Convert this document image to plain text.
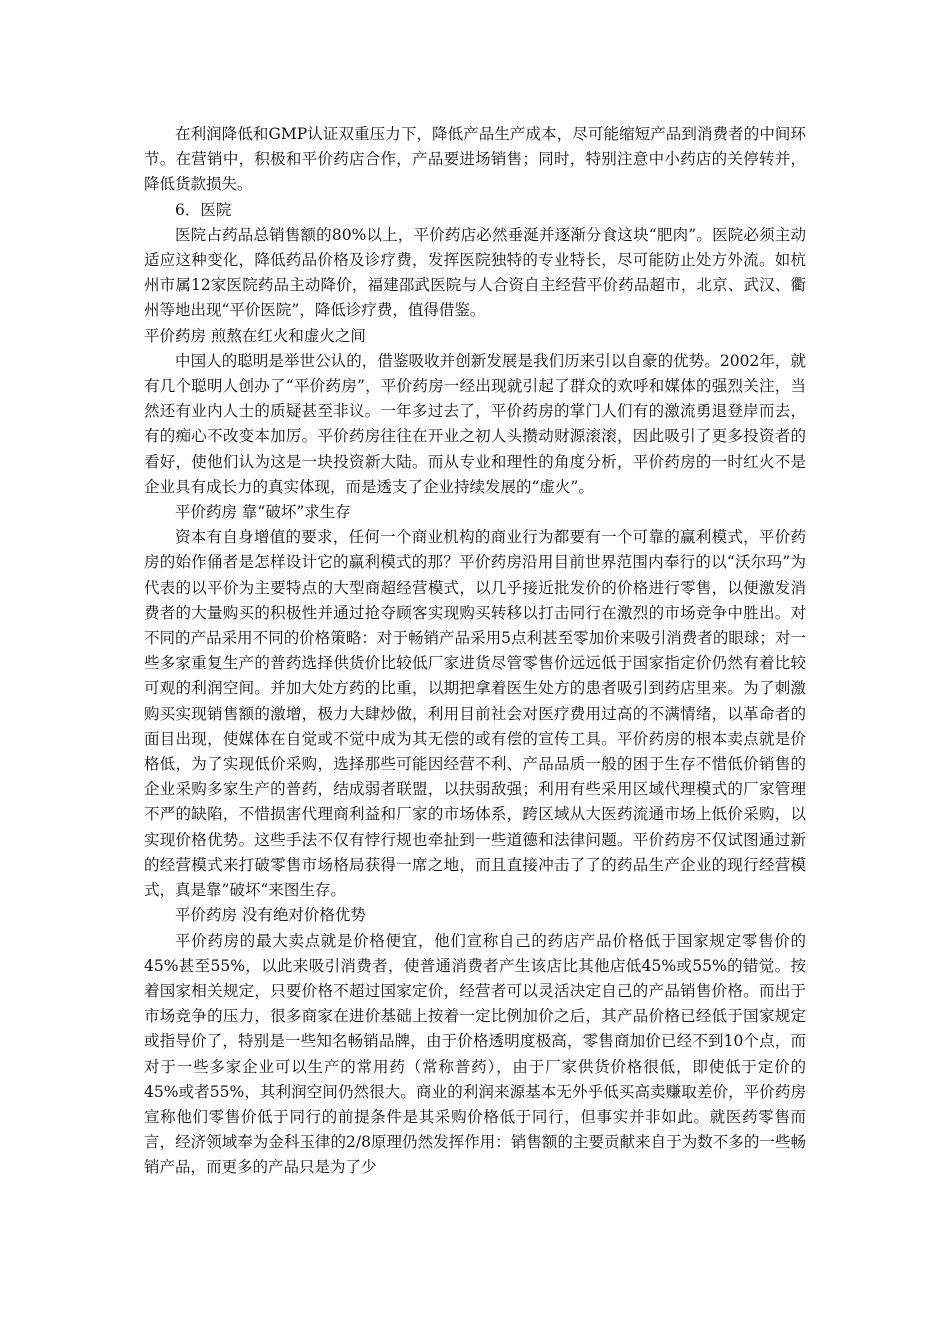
在利润降低和GMP认证双重压力下，降低产品生产成本，尽可能缩短产品到消费者的中间环节。在营销中，积极和平价药店合作，产品要进场销售；同时，特别注意中小药店的关停转并，降低货款损失。

6．医院

医院占药品总销售额的80%以上，平价药店必然垂涎并逐渐分食这块“肥肉”。医院必须主动适应这种变化，降低药品价格及诊疗费，发挥医院独特的专业特长，尽可能防止处方外流。如杭州市属12家医院药品主动降价，福建邵武医院与人合资自主经营平价药品超市，北京、武汉、衢州等地出现“平价医院”，降低诊疗费，值得借鉴。

平价药房 煎熬在红火和虚火之间

中国人的聪明是举世公认的，借鉴吸收并创新发展是我们历来引以自豪的优势。2002年，就有几个聪明人创办了“平价药房”，平价药房一经出现就引起了群众的欢呼和媒体的强烈关注，当然还有业内人士的质疑甚至非议。一年多过去了，平价药房的掌门人们有的激流勇退登岸而去，有的痴心不改变本加厉。平价药房往往在开业之初人头攒动财源滚滚，因此吸引了更多投资者的看好，使他们认为这是一块投资新大陆。而从专业和理性的角度分析，平价药房的一时红火不是企业具有成长力的真实体现，而是透支了企业持续发展的“虚火”。

平价药房 靠“破坏”求生存

资本有自身增值的要求，任何一个商业机构的商业行为都要有一个可靠的赢利模式，平价药房的始作俑者是怎样设计它的赢利模式的那？平价药房沿用目前世界范围内奉行的以“沃尔玛”为代表的以平价为主要特点的大型商超经营模式，以几乎接近批发价的价格进行零售，以便激发消费者的大量购买的积极性并通过抢夺顾客实现购买转移以打击同行在激烈的市场竞争中胜出。对不同的产品采用不同的价格策略：对于畅销产品采用5点利甚至零加价来吸引消费者的眼球；对一些多家重复生产的普药选择供货价比较低厂家进货尽管零售价远远低于国家指定价仍然有着比较可观的利润空间。并加大处方药的比重，以期把拿着医生处方的患者吸引到药店里来。为了刺激购买实现销售额的激增，极力大肆炒做，利用目前社会对医疗费用过高的不满情绪，以革命者的面目出现，使媒体在自觉或不觉中成为其无偿的或有偿的宣传工具。平价药房的根本卖点就是价格低，为了实现低价采购，选择那些可能因经营不利、产品品质一般的困于生存不惜低价销售的企业采购多家生产的普药，结成弱者联盟，以扶弱敌强；利用有些采用区域代理模式的厂家管理不严的缺陷，不惜损害代理商利益和厂家的市场体系，跨区域从大医药流通市场上低价采购，以实现价格优势。这些手法不仅有悖行规也牵扯到一些道德和法律问题。平价药房不仅试图通过新的经营模式来打破零售市场格局获得一席之地，而且直接冲击了了的药品生产企业的现行经营模式，真是靠”破坏“来图生存。

平价药房 没有绝对价格优势

平价药房的最大卖点就是价格便宜，他们宣称自己的药店产品价格低于国家规定零售价的45%甚至55%，以此来吸引消费者，使普通消费者产生该店比其他店低45%或55%的错觉。按着国家相关规定，只要价格不超过国家定价，经营者可以灵活决定自己的产品销售价格。而出于市场竞争的压力，很多商家在进价基础上按着一定比例加价之后，其产品价格已经低于国家规定或指导价了，特别是一些知名畅销品牌，由于价格透明度极高，零售商加价已经不到10个点，而对于一些多家企业可以生产的常用药（常称普药），由于厂家供货价格很低，即使低于定价的45%或者55%，其利润空间仍然很大。商业的利润来源基本无外乎低买高卖赚取差价，平价药房宣称他们零售价低于同行的前提条件是其采购价格低于同行，但事实并非如此。就医药零售而言，经济领域奉为金科玉律的2/8原理仍然发挥作用：销售额的主要贡献来自于为数不多的一些畅销产品，而更多的产品只是为了少
